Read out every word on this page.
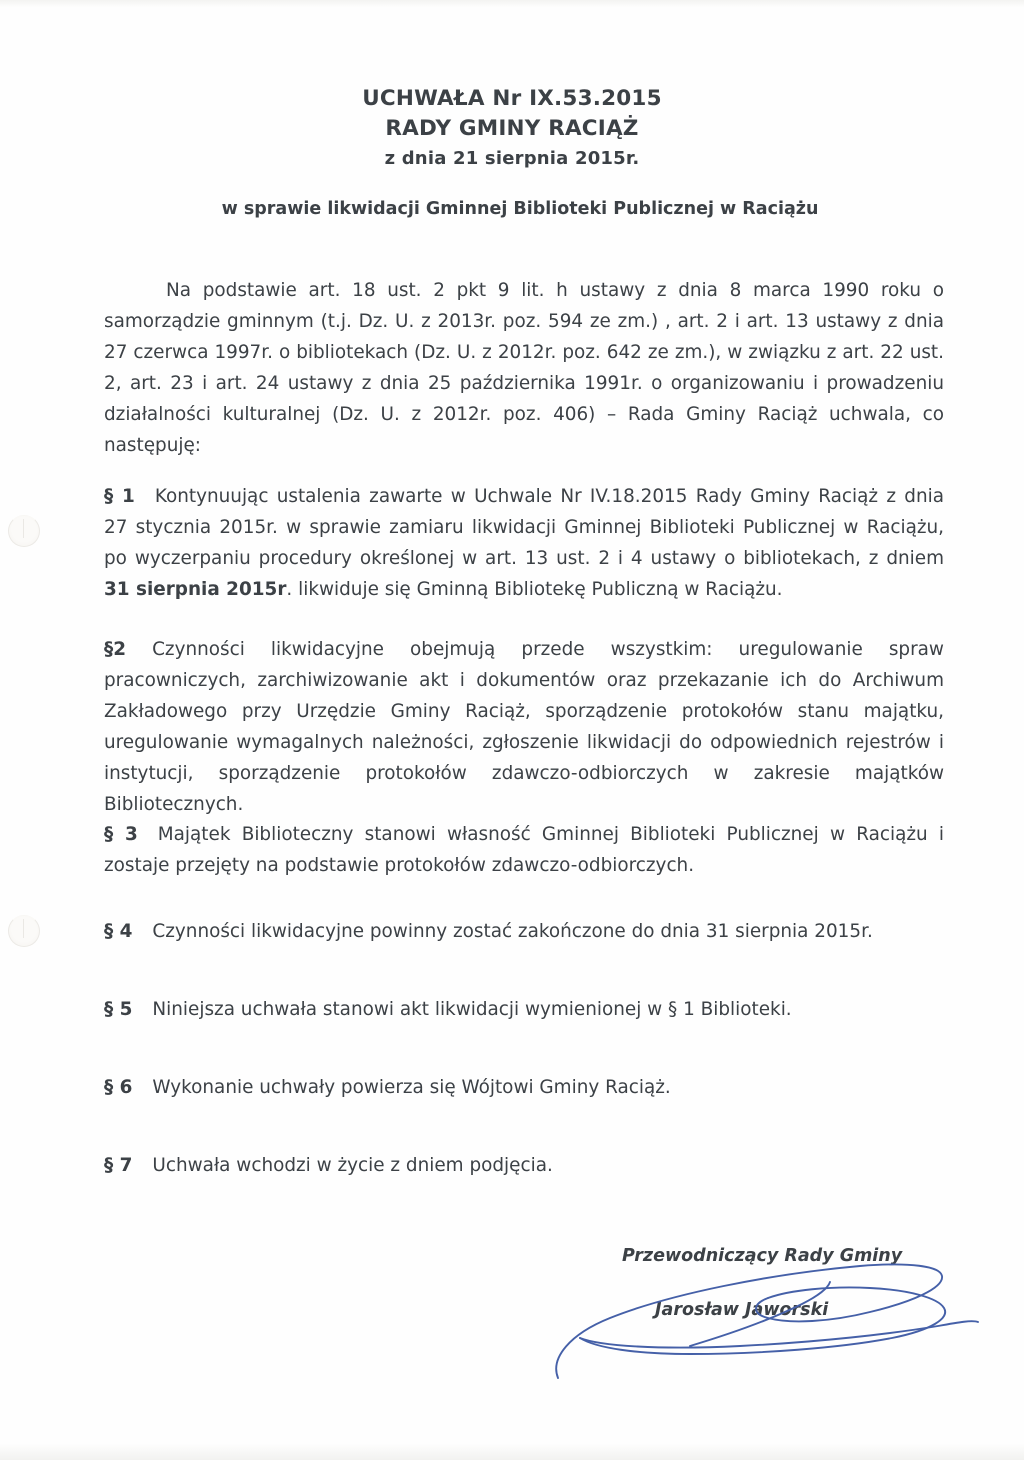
UCHWAŁA Nr IX.53.2015
RADY GMINY RACIĄŻ
z dnia 21 sierpnia 2015r.
w sprawie likwidacji Gminnej Biblioteki Publicznej w Raciążu
Na podstawie art. 18 ust. 2 pkt 9 lit. h ustawy z dnia 8 marca 1990 roku o samorządzie gminnym (t.j. Dz. U. z 2013r. poz. 594 ze zm.) , art. 2 i art. 13 ustawy z dnia 27 czerwca 1997r. o bibliotekach (Dz. U. z 2012r. poz. 642 ze zm.), w związku z art. 22 ust. 2, art. 23 i art. 24 ustawy z dnia 25 października 1991r. o organizowaniu i prowadzeniu działalności kulturalnej (Dz. U. z 2012r. poz. 406) – Rada Gminy Raciąż uchwala, co następuję:
§ 1 Kontynuując ustalenia zawarte w Uchwale Nr IV.18.2015 Rady Gminy Raciąż z dnia 27 stycznia 2015r. w sprawie zamiaru likwidacji Gminnej Biblioteki Publicznej w Raciążu, po wyczerpaniu procedury określonej w art. 13 ust. 2 i 4 ustawy o bibliotekach, z dniem 31 sierpnia 2015r. likwiduje się Gminną Bibliotekę Publiczną w Raciążu.
§2 Czynności likwidacyjne obejmują przede wszystkim: uregulowanie spraw pracowniczych, zarchiwizowanie akt i dokumentów oraz przekazanie ich do Archiwum Zakładowego przy Urzędzie Gminy Raciąż, sporządzenie protokołów stanu majątku, uregulowanie wymagalnych należności, zgłoszenie likwidacji do odpowiednich rejestrów i instytucji, sporządzenie protokołów zdawczo-odbiorczych w zakresie majątków Bibliotecznych.
§ 3 Majątek Biblioteczny stanowi własność Gminnej Biblioteki Publicznej w Raciążu i zostaje przejęty na podstawie protokołów zdawczo-odbiorczych.
§ 4 Czynności likwidacyjne powinny zostać zakończone do dnia 31 sierpnia 2015r.
§ 5 Niniejsza uchwała stanowi akt likwidacji wymienionej w § 1 Biblioteki.
§ 6 Wykonanie uchwały powierza się Wójtowi Gminy Raciąż.
§ 7 Uchwała wchodzi w życie z dniem podjęcia.
Przewodniczący Rady Gminy
Jarosław Jaworski
